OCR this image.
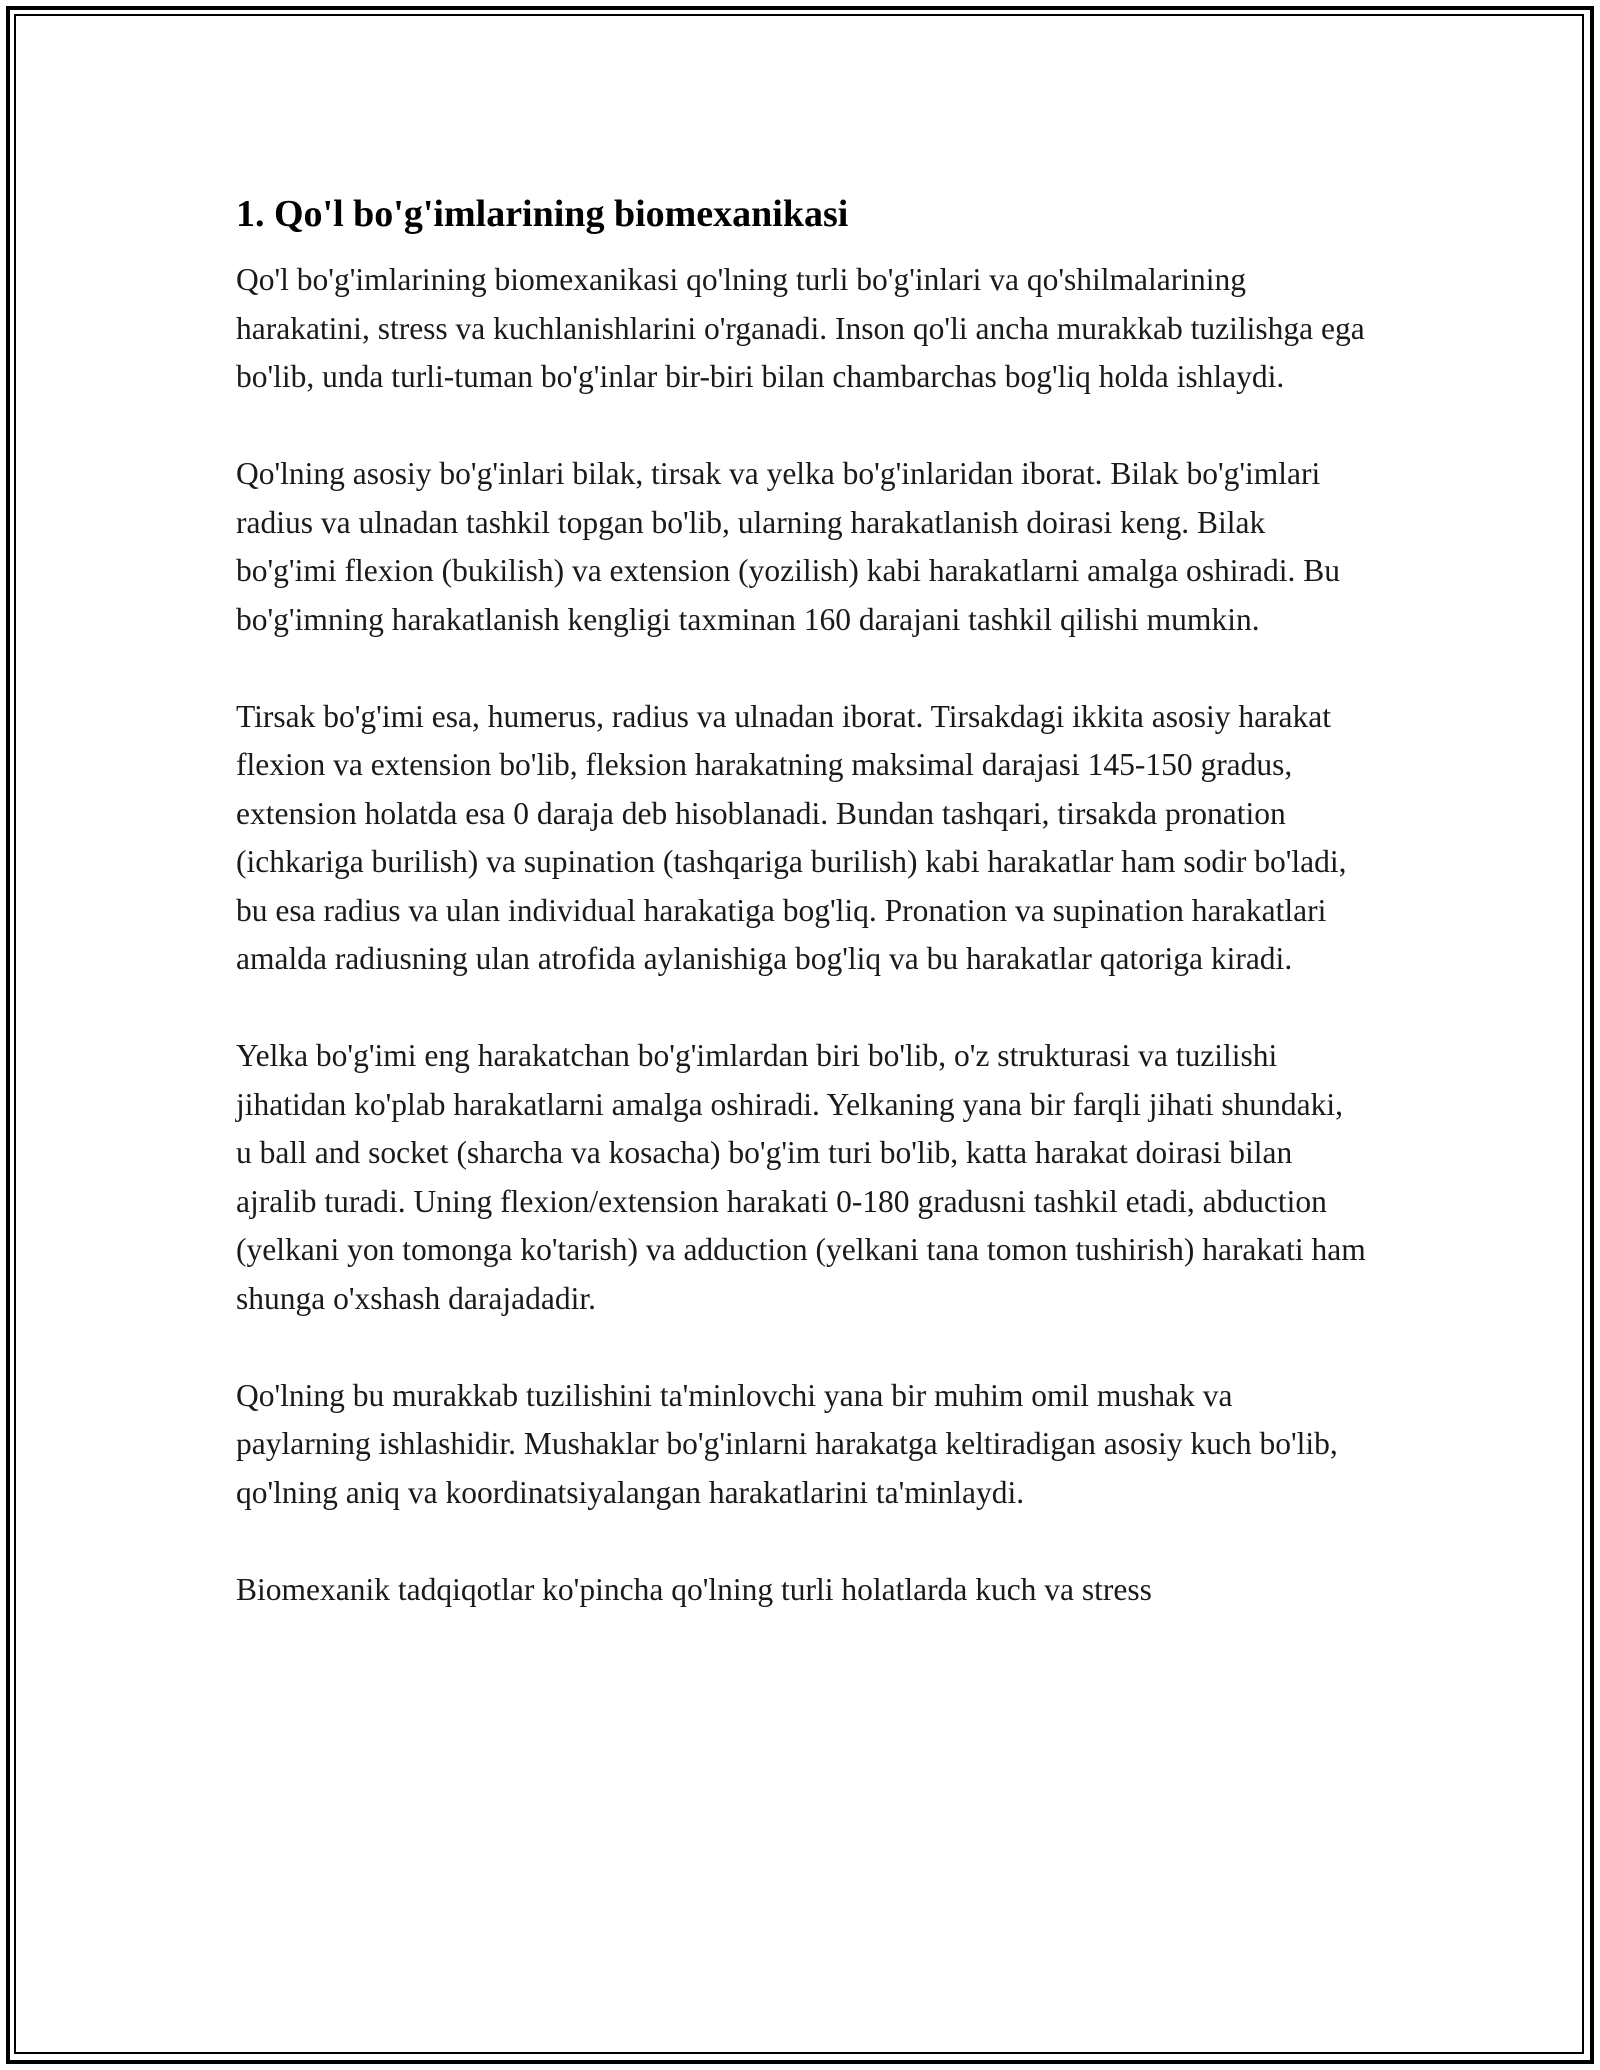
1. Qo'l bo'g'imlarining biomexanikasi

Qo'l bo'g'imlarining biomexanikasi qo'lning turli bo'g'inlari va qo'shilmalarining harakatini, stress va kuchlanishlarini o'rganadi. Inson qo'li ancha murakkab tuzilishga ega bo'lib, unda turli-tuman bo'g'inlar bir-biri bilan chambarchas bog'liq holda ishlaydi.

Qo'lning asosiy bo'g'inlari bilak, tirsak va yelka bo'g'inlaridan iborat. Bilak bo'g'imlari radius va ulnadan tashkil topgan bo'lib, ularning harakatlanish doirasi keng. Bilak bo'g'imi flexion (bukilish) va extension (yozilish) kabi harakatlarni amalga oshiradi. Bu bo'g'imning harakatlanish kengligi taxminan 160 darajani tashkil qilishi mumkin.

Tirsak bo'g'imi esa, humerus, radius va ulnadan iborat. Tirsakdagi ikkita asosiy harakat flexion va extension bo'lib, fleksion harakatning maksimal darajasi 145-150 gradus, extension holatda esa 0 daraja deb hisoblanadi. Bundan tashqari, tirsakda pronation (ichkariga burilish) va supination (tashqariga burilish) kabi harakatlar ham sodir bo'ladi, bu esa radius va ulan individual harakatiga bog'liq. Pronation va supination harakatlari amalda radiusning ulan atrofida aylanishiga bog'liq va bu harakatlar qatoriga kiradi.

Yelka bo'g'imi eng harakatchan bo'g'imlardan biri bo'lib, o'z strukturasi va tuzilishi jihatidan ko'plab harakatlarni amalga oshiradi. Yelkaning yana bir farqli jihati shundaki, u ball and socket (sharcha va kosacha) bo'g'im turi bo'lib, katta harakat doirasi bilan ajralib turadi. Uning flexion/extension harakati 0-180 gradusni tashkil etadi, abduction (yelkani yon tomonga ko'tarish) va adduction (yelkani tana tomon tushirish) harakati ham shunga o'xshash darajadadir.

Qo'lning bu murakkab tuzilishini ta'minlovchi yana bir muhim omil mushak va paylarning ishlashidir. Mushaklar bo'g'inlarni harakatga keltiradigan asosiy kuch bo'lib, qo'lning aniq va koordinatsiyalangan harakatlarini ta'minlaydi.

Biomexanik tadqiqotlar ko'pincha qo'lning turli holatlarda kuch va stress
